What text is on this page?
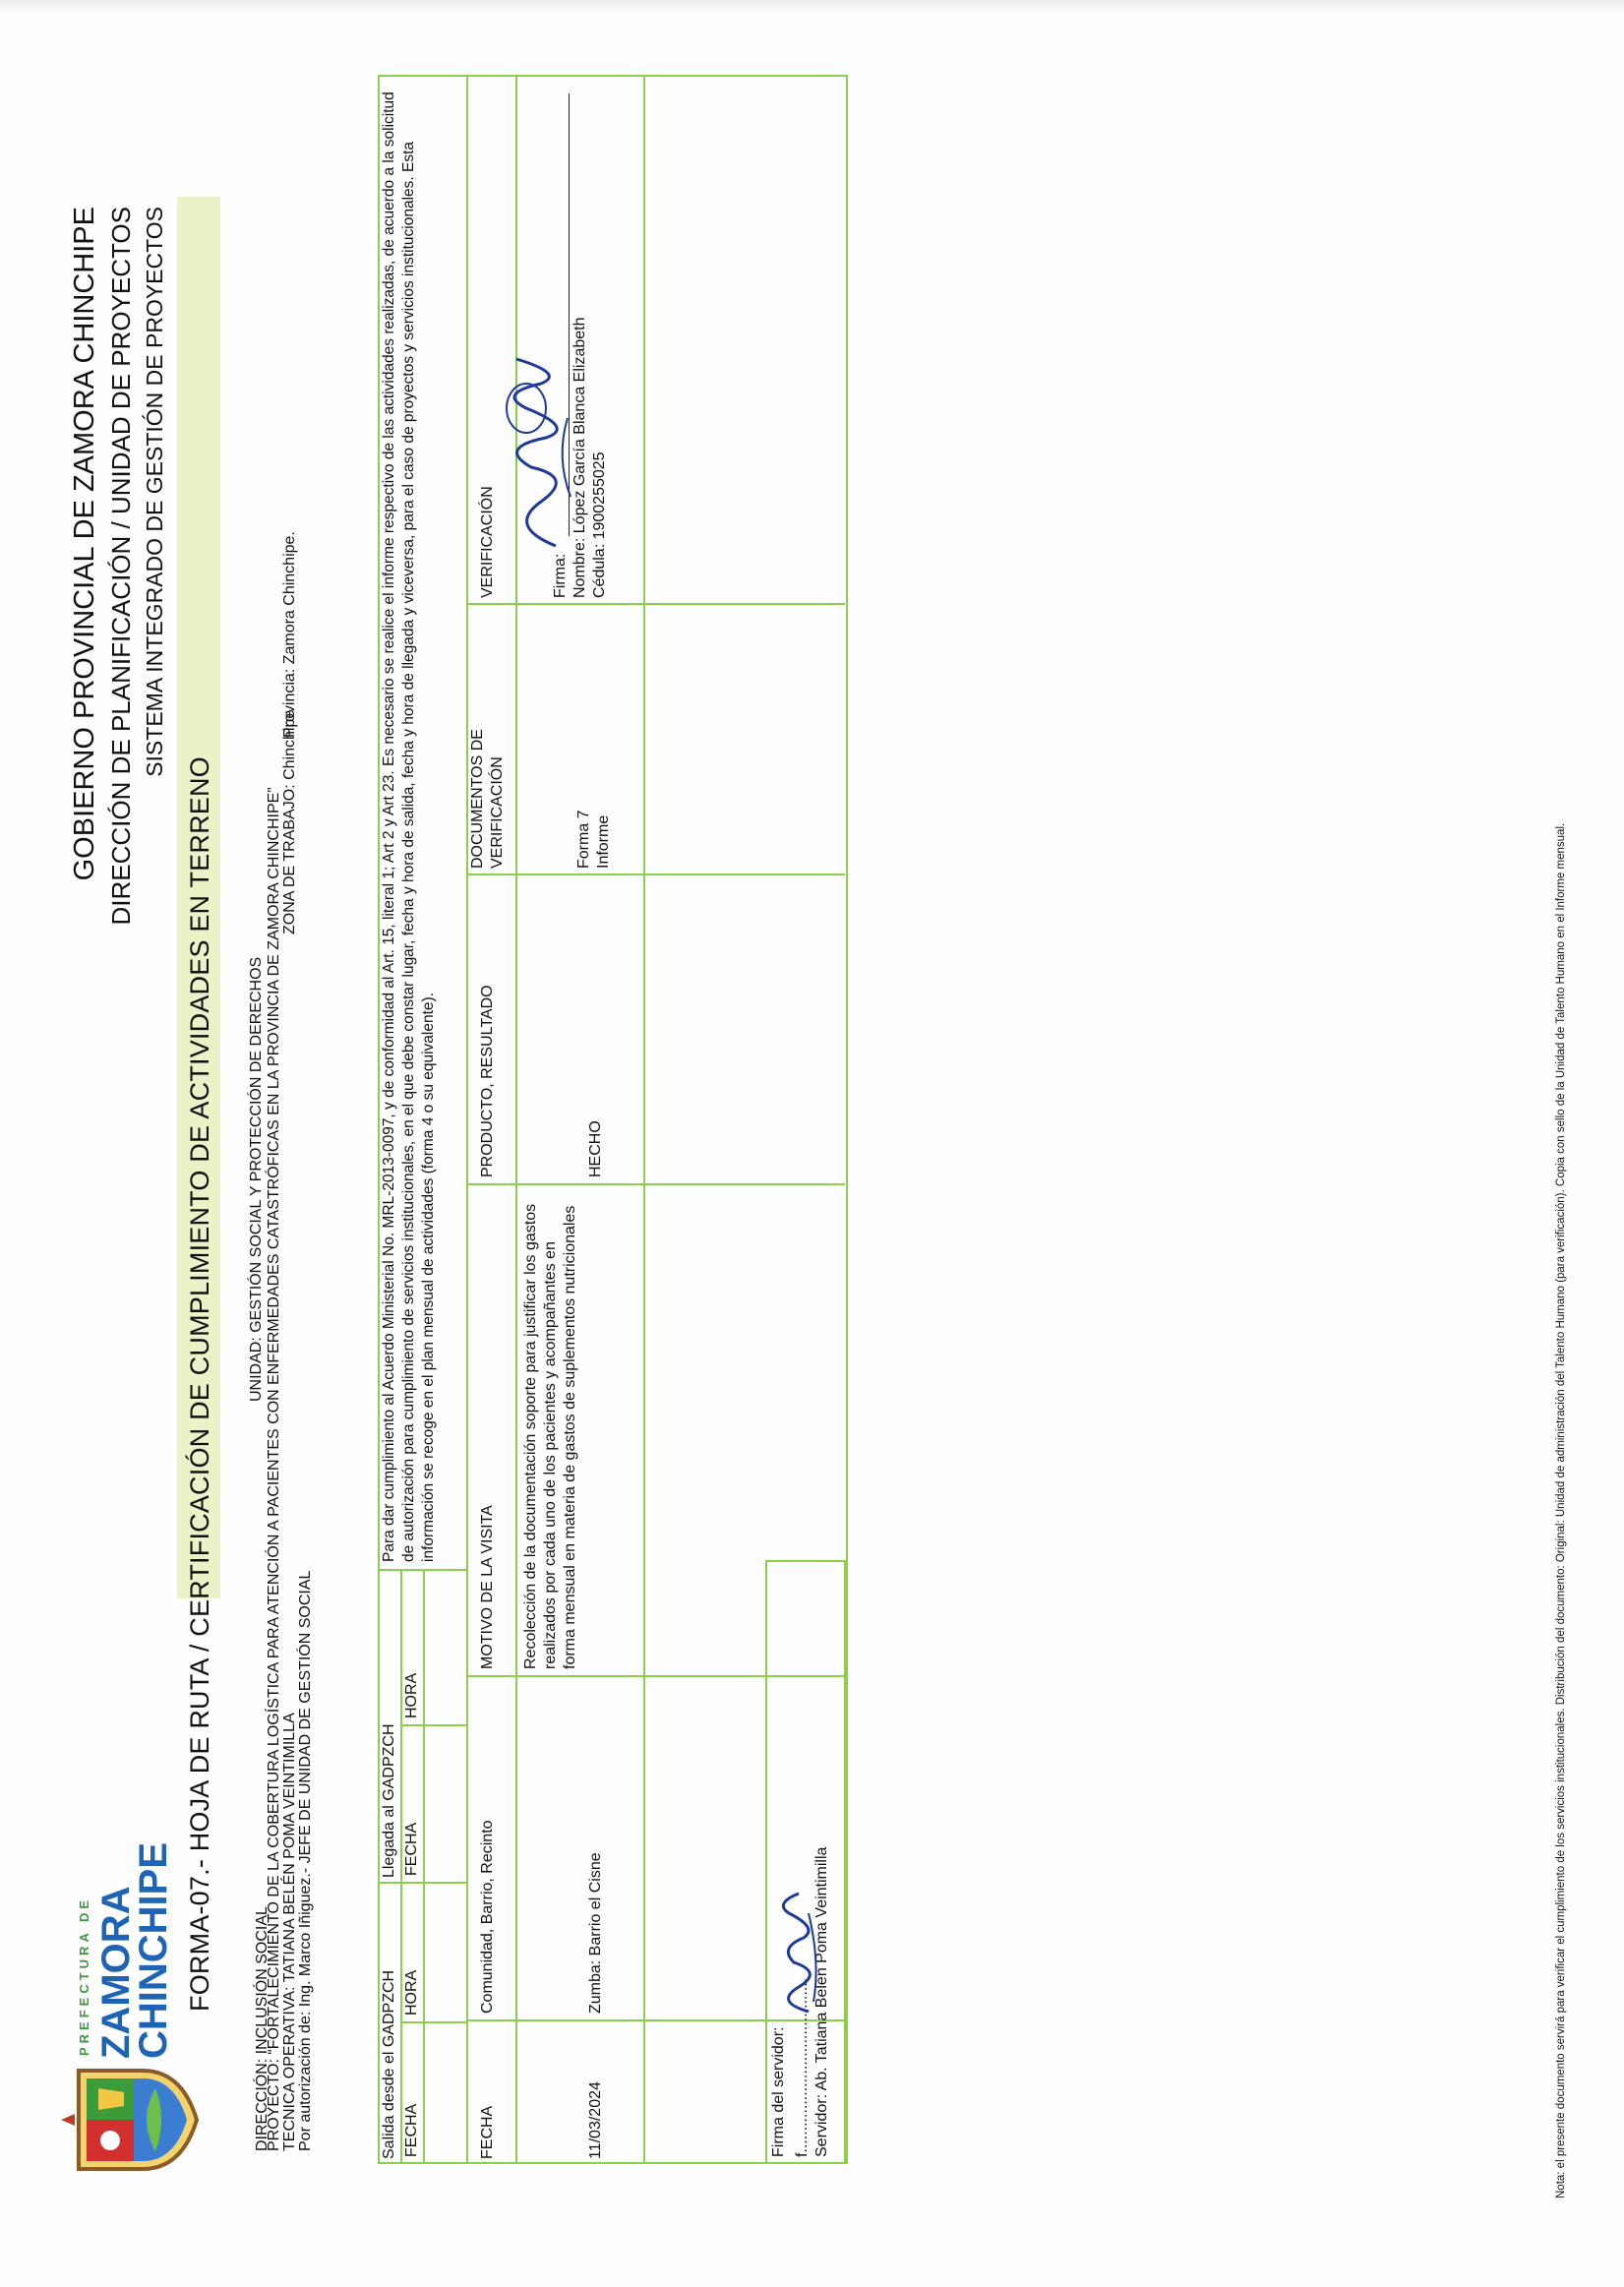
PREFECTURA DE ZAMORA
CHINCHIPE
GOBIERNO PROVINCIAL DE ZAMORA CHINCHIPE DIRECCIÓN DE PLANIFICACIÓN / UNIDAD DE PROYECTOS SISTEMA INTEGRADO DE GESTIÓN DE PROYECTOS
FORMA-07.- HOJA DE RUTA / CERTIFICACIÓN DE CUMPLIMIENTO DE ACTIVIDADES EN TERRENO
DIRECCIÓN: INCLUSIÓN SOCIAL
UNIDAD: GESTIÓN SOCIAL Y PROTECCIÓN DE DERECHOS PROYECTO: “FORTALECIMIENTO DE LA COBERTURA LOGÍSTICA PARA ATENCIÓN A PACIENTES CON ENFERMEDADES CATASTRÓFICAS EN LA PROVINCIA DE ZAMORA CHINCHIPE” TECNICA OPERATIVA: TATIANA BELÉN POMA VEINTIMILLA
ZONA DE TRABAJO: Chinchipe
Provincia: Zamora Chinchipe.
Por autorización de: Ing. Marco Iñiguez.- JEFE DE UNIDAD DE GESTIÓN SOCIAL	Salida desde el GADPZCH
Llegada al GADPZCH
FECHA
HORA
FECHA
HORA
Para dar cumplimiento al Acuerdo Ministerial No. MRL-2013-0097, y de conformidad al Art. 15, literal 1; Art 2 y Art 23. Es necesario se realice el informe respectivo de las actividades realizadas, de acuerdo a la solicitud de autorización para cumplimiento de servicios institucionales, en el que debe constar lugar, fecha y hora de salida, fecha y hora de llegada y viceversa, para el caso de proyectos y servicios institucionales. Esta información se recoge en el plan mensual de actividades (forma 4 o su equivalente).
FECHA
Comunidad, Barrio, Recinto
MOTIVO DE LA VISITA
PRODUCTO, RESULTADO
DOCUMENTOS DE VERIFICACIÓN
VERIFICACIÓN
11/03/2024
Zumba: Barrio el Cisne
Recolección de la documentación soporte para justificar los gastos realizados por cada uno de los pacientes y acompañantes en forma mensual en materia de gastos de suplementos nutricionales
HECHO
Forma 7 Informe
Firma: Nombre: López García Blanca Elizabeth Cédula: 1900255025
Firma del servidor: f........................................ Servidor: Ab. Tatiana Belén Poma Veintimilla	Nota: el presente documento servirá para verificar el cumplimiento de los servicios institucionales. Distribución del documento: Original: Unidad de administración del Talento Humano (para verificación). Copia con sello de la Unidad de Talento Humano en el Informe mensual.
